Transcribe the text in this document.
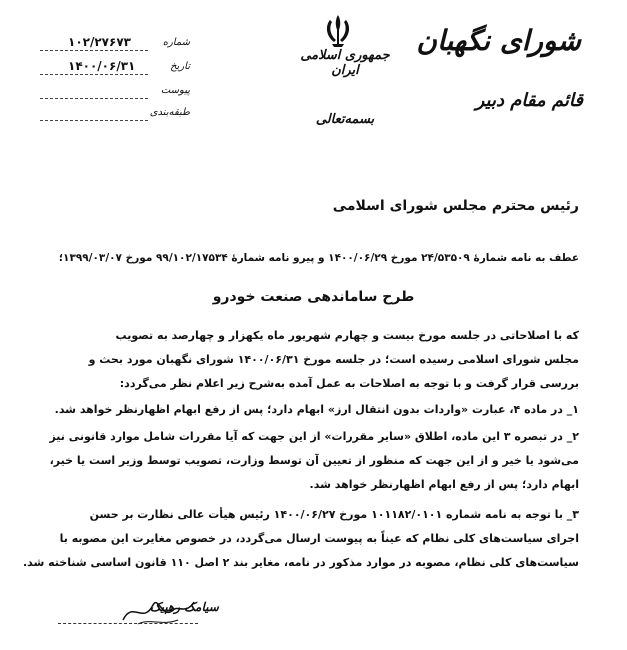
شورای نگهبان
قائم مقام دبیر
جمهوری اسلامی ایران
بسمه‌تعالی
۱۰۲/۲۷۶۷۳	شماره
۱۴۰۰/۰۶/۳۱	تاریخ
پیوست
طبقه‌بندی
رئیس محترم مجلس شورای اسلامی
عطف به نامه شمارۀ ۲۴/۵۳۵۰۹ مورخ ۱۴۰۰/۰۶/۲۹ و پیرو نامه شمارۀ ۹۹/۱۰۲/۱۷۵۳۴ مورخ ۱۳۹۹/۰۳/۰۷؛
طرح ساماندهی صنعت خودرو
که با اصلاحاتی در جلسه مورخ بیست و چهارم شهریور ماه یکهزار و چهارصد به تصویب
مجلس شورای اسلامی رسیده است؛ در جلسه مورخ ۱۴۰۰/۰۶/۳۱ شورای نگهبان مورد بحث و
بررسی قرار گرفت و با توجه به اصلاحات به عمل آمده به‌شرح زیر اعلام نظر می‌گردد:
۱_ در ماده ۴، عبارت «واردات بدون انتقال ارز» ابهام دارد؛ پس از رفع ابهام اظهارنظر خواهد شد.
۲_ در تبصره ۳ این ماده، اطلاق «سایر مقررات» از این جهت که آیا مقررات شامل موارد قانونی نیز
می‌شود یا خیر و از این جهت که منظور از تعیین آن توسط وزارت، تصویب توسط وزیر است یا خیر،
ابهام دارد؛ پس از رفع ابهام اظهارنظر خواهد شد.
۳_ با توجه به نامه شماره ۱۰۱۱۸۲/۰۱۰۱ مورخ ۱۴۰۰/۰۶/۲۷ رئیس هیأت عالی نظارت بر حسن
اجرای سیاست‌های کلی نظام که عیناً به پیوست ارسال می‌گردد، در خصوص مغایرت این مصوبه با
سیاست‌های کلی نظام، مصوبه در موارد مذکور در نامه، مغایر بند ۲ اصل ۱۱۰ قانون اساسی شناخته شد.
سیامک رهپیک
